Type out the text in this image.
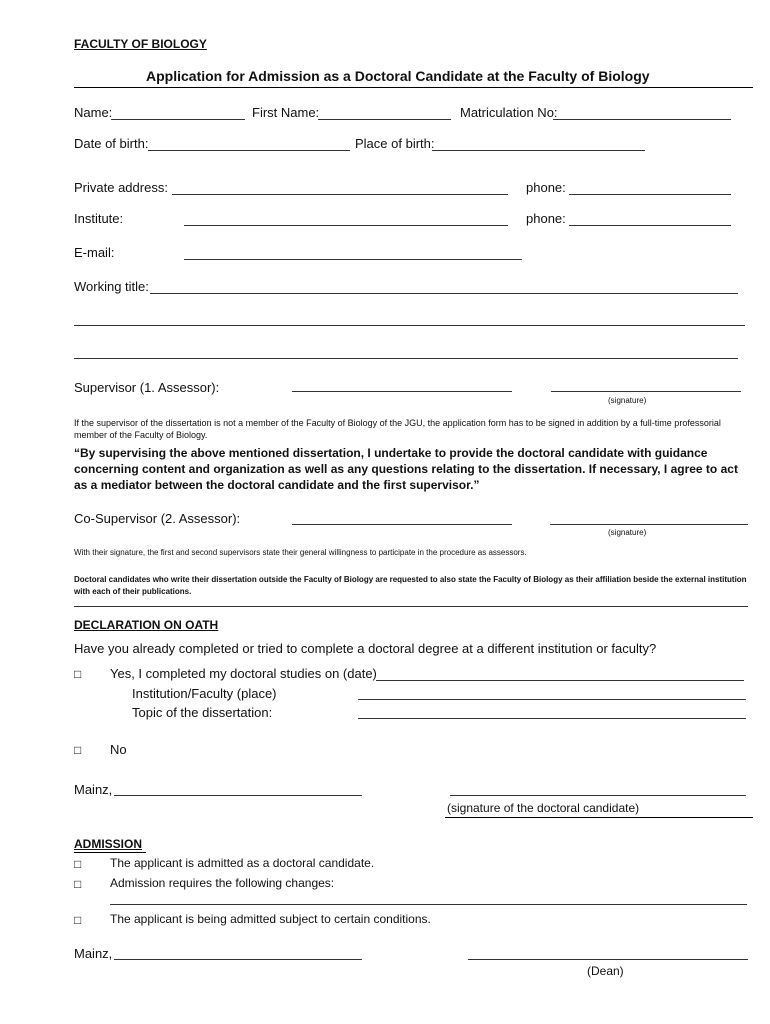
FACULTY OF BIOLOGY
Application for Admission as a Doctoral Candidate at the Faculty of Biology
Name:	First Name:	Matriculation No:
Date of birth:	Place of birth:
Private address:	phone:
Institute:	phone:
E-mail:
Working title:
Supervisor (1. Assessor):
(signature)
If the supervisor of the dissertation is not a member of the Faculty of Biology of the JGU, the application form has to be signed in addition by a full-time professorial member of the Faculty of Biology.
“By supervising the above mentioned dissertation, I undertake to provide the doctoral candidate with guidance concerning content and organization as well as any questions relating to the dissertation. If necessary, I agree to act as a mediator between the doctoral candidate and the first supervisor.”
Co-Supervisor (2. Assessor):
(signature)
With their signature, the first and second supervisors state their general willingness to participate in the procedure as assessors.
Doctoral candidates who write their dissertation outside the Faculty of Biology are requested to also state the Faculty of Biology as their affiliation beside the external institution with each of their publications.
DECLARATION ON OATH
Have you already completed or tried to complete a doctoral degree at a different institution or faculty?
□ Yes, I completed my doctoral studies on (date)
Institution/Faculty (place)
Topic of the dissertation:
□ No
Mainz,
(signature of the doctoral candidate)
ADMISSION
□ The applicant is admitted as a doctoral candidate.
□ Admission requires the following changes:
□ The applicant is being admitted subject to certain conditions.
Mainz,
(Dean)
